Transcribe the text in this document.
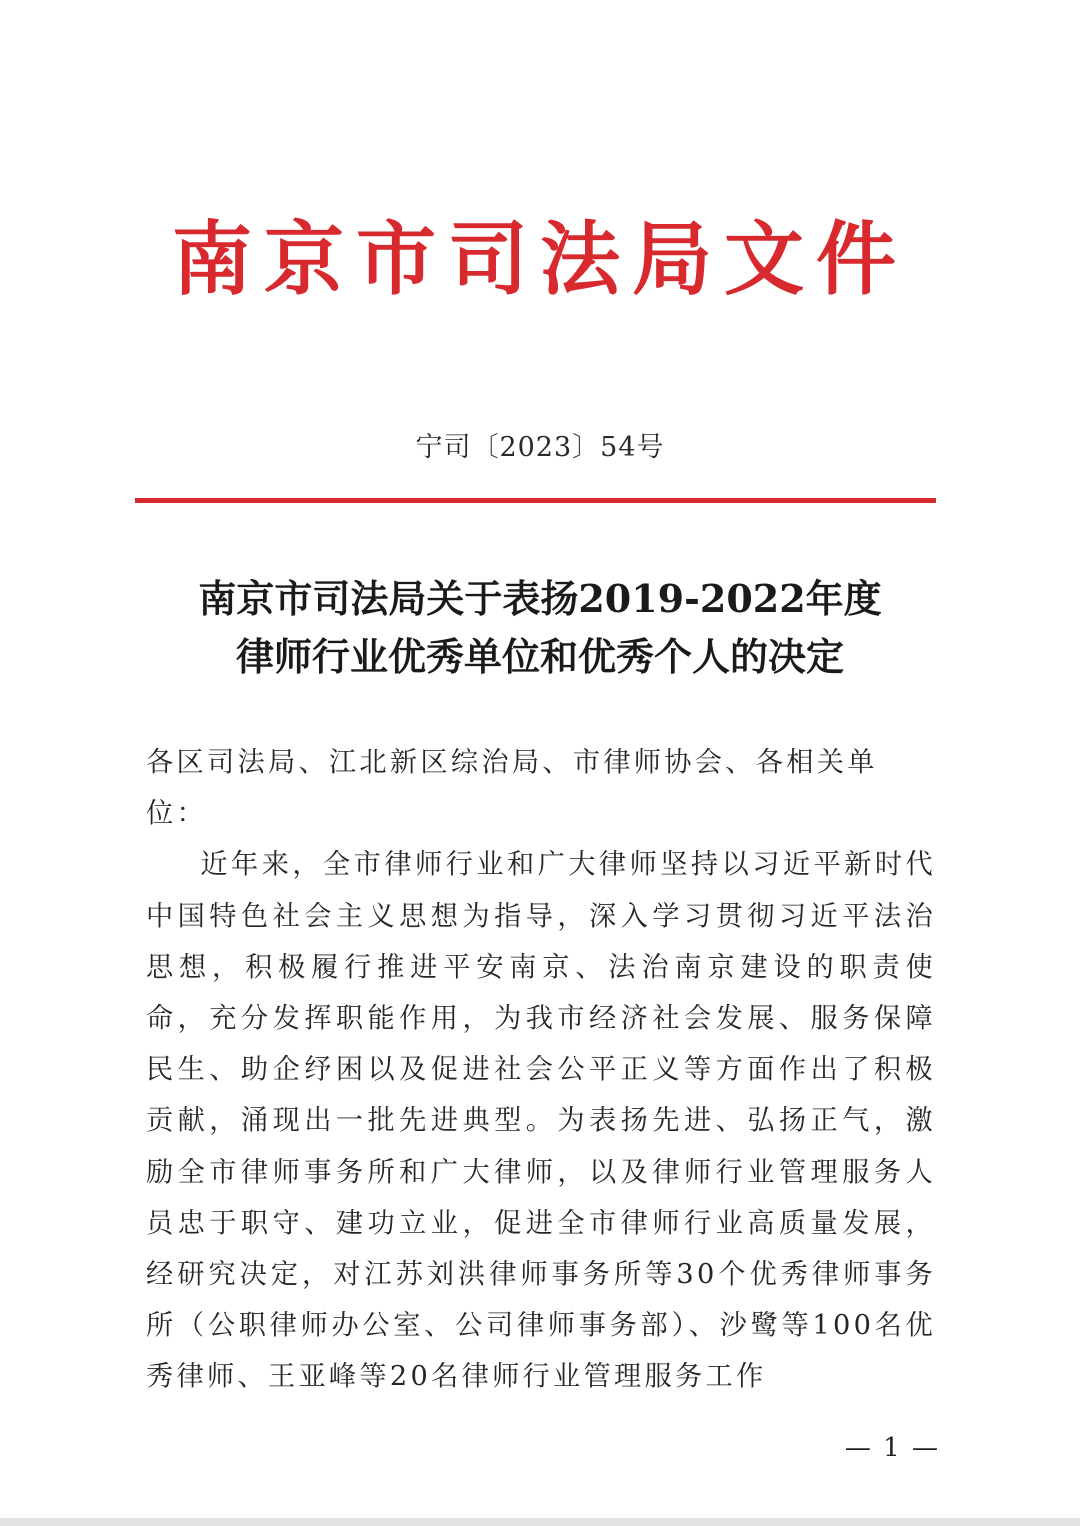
南京市司法局文件
宁司〔2023〕54号
南京市司法局关于表扬2019-2022年度
律师行业优秀单位和优秀个人的决定

各区司法局、江北新区综治局、市律师协会、各相关单位：

近年来，全市律师行业和广大律师坚持以习近平新时代中国特色社会主义思想为指导，深入学习贯彻习近平法治思想，积极履行推进平安南京、法治南京建设的职责使命，充分发挥职能作用，为我市经济社会发展、服务保障民生、助企纾困以及促进社会公平正义等方面作出了积极贡献，涌现出一批先进典型。为表扬先进、弘扬正气，激励全市律师事务所和广大律师，以及律师行业管理服务人员忠于职守、建功立业，促进全市律师行业高质量发展，经研究决定，对江苏刘洪律师事务所等30个优秀律师事务所（公职律师办公室、公司律师事务部）、沙鹭等100名优秀律师、王亚峰等20名律师行业管理服务工作

— 1 —
